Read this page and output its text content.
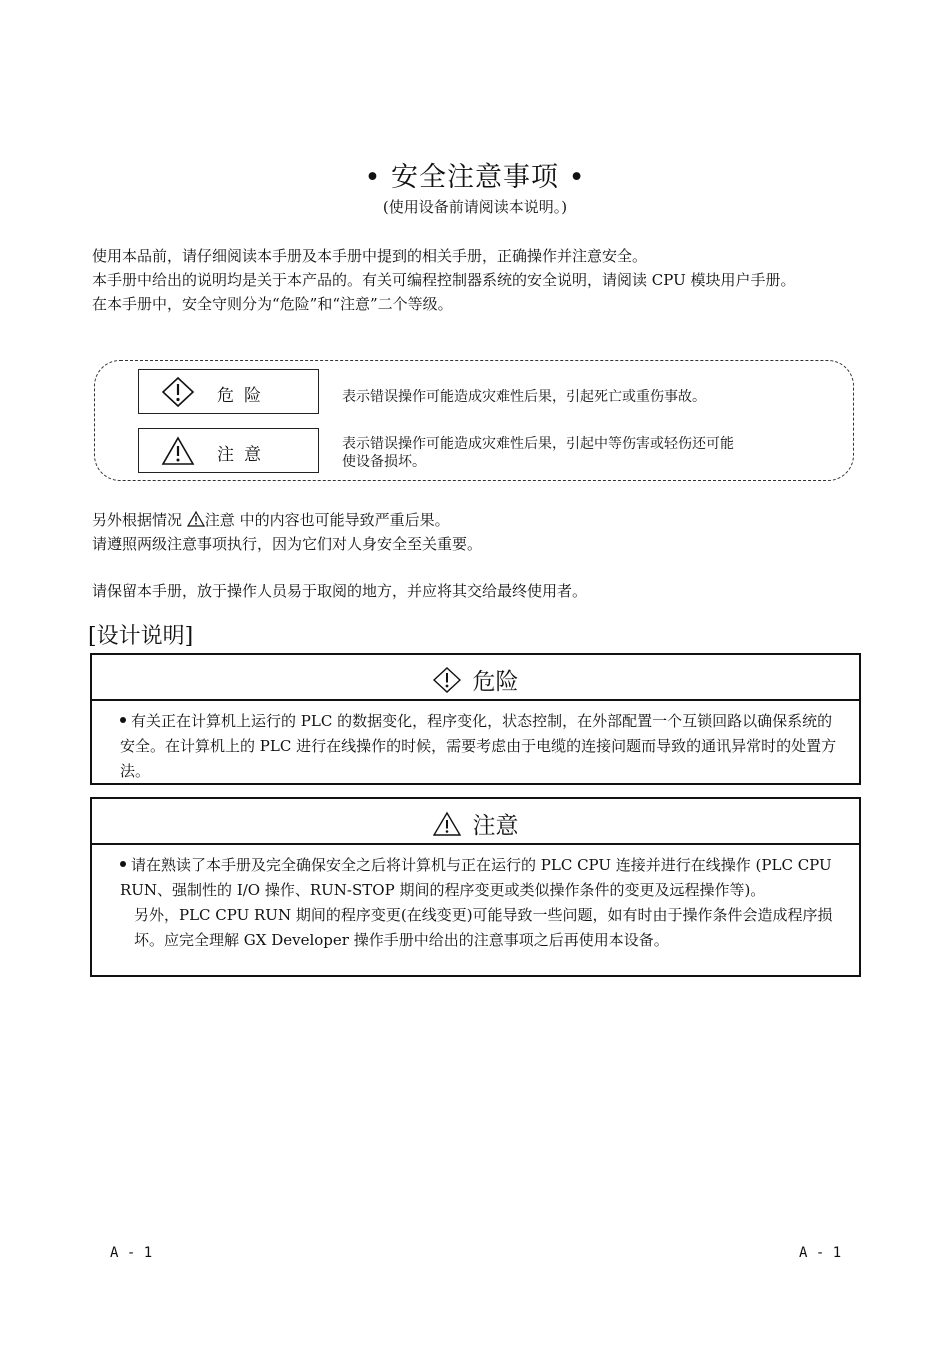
• 安全注意事项 •
(使用设备前请阅读本说明。)

使用本品前，请仔细阅读本手册及本手册中提到的相关手册，正确操作并注意安全。

本手册中给出的说明均是关于本产品的。有关可编程控制器系统的安全说明，请阅读 CPU 模块用户手册。

在本手册中，安全守则分为“危险”和“注意”二个等级。

危险	表示错误操作可能造成灾难性后果，引起死亡或重伤事故。
注意
表示错误操作可能造成灾难性后果，引起中等伤害或轻伤还可能
使设备损坏。

另外根据情况 注意 中的内容也可能导致严重后果。

请遵照两级注意事项执行，因为它们对人身安全至关重要。

请保留本手册，放于操作人员易于取阅的地方，并应将其交给最终使用者。
[设计说明]
危险

有关正在计算机上运行的 PLC 的数据变化，程序变化，状态控制，在外部配置一个互锁回路以确保系统的安全。在计算机上的 PLC 进行在线操作的时候，需要考虑由于电缆的连接问题而导致的通讯异常时的处置方法。

注意

请在熟读了本手册及完全确保安全之后将计算机与正在运行的 PLC CPU 连接并进行在线操作 (PLC CPU RUN、强制性的 I/O 操作、RUN-STOP 期间的程序变更或类似操作条件的变更及远程操作等)。

另外，PLC CPU RUN 期间的程序变更(在线变更)可能导致一些问题，如有时由于操作条件会造成程序损坏。应完全理解 GX Developer 操作手册中给出的注意事项之后再使用本设备。

A - 1	A - 1
